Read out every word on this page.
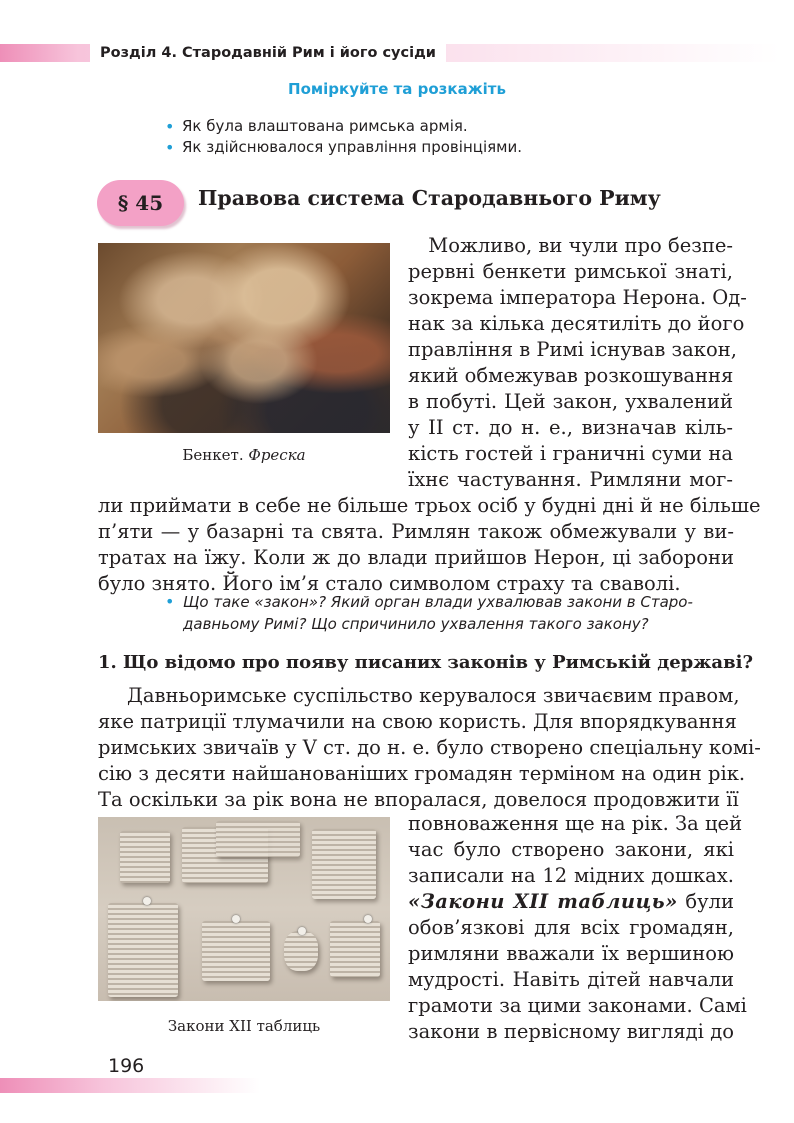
Розділ 4. Стародавній Рим і його сусіди
Поміркуйте та розкажіть
• Як була влаштована римська армія.
• Як здійснювалося управління провінціями.
§ 45	Правова система Стародавнього Риму
Бенкет. Фреска
Можливо, ви чули про безпе-
рервні бенкети римської знаті,
зокрема імператора Нерона. Од-
нак за кілька десятиліть до його
правління в Римі існував закон,
який обмежував розкошування
в побуті. Цей закон, ухвалений
у II ст. до н. е., визначав кіль-
кість гостей і граничні суми на
їхнє частування. Римляни мог-
ли приймати в себе не більше трьох осіб у будні дні й не більше
п’яти — у базарні та свята. Римлян також обмежували у ви-
тратах на їжу. Коли ж до влади прийшов Нерон, ці заборони
було знято. Його ім’я стало символом страху та сваволі.
• Що таке «закон»? Який орган влади ухвалював закони в Старо-
давньому Римі? Що спричинило ухвалення такого закону?
1. Що відомо про появу писаних законів у Римській державі?
Давньоримське суспільство керувалося звичаєвим правом,
яке патриції тлумачили на свою користь. Для впорядкування
римських звичаїв у V ст. до н. е. було створено спеціальну комі-
сію з десяти найшанованіших громадян терміном на один рік.
Та оскільки за рік вона не впоралася, довелося продовжити її
Закони XII таблиць
повноваження ще на рік. За цей
час було створено закони, які
записали на 12 мідних дошках.
«Закони XII таблиць» були
обов’язкові для всіх громадян,
римляни вважали їх вершиною
мудрості. Навіть дітей навчали
грамоти за цими законами. Самі
закони в первісному вигляді до
196
